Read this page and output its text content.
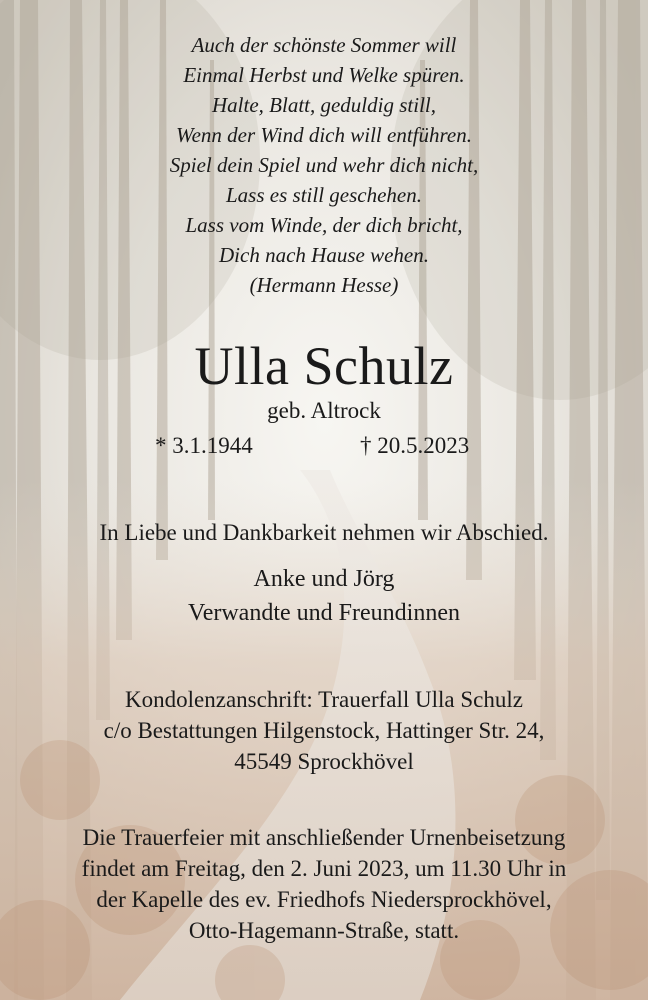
Auch der schönste Sommer will
Einmal Herbst und Welke spüren.
Halte, Blatt, geduldig still,
Wenn der Wind dich will entführen.
Spiel dein Spiel und wehr dich nicht,
Lass es still geschehen.
Lass vom Winde, der dich bricht,
Dich nach Hause wehen.
(Hermann Hesse)
Ulla Schulz
geb. Altrock
* 3.1.1944	† 20.5.2023
In Liebe und Dankbarkeit nehmen wir Abschied.
Anke und Jörg
Verwandte und Freundinnen
Kondolenzanschrift: Trauerfall Ulla Schulz
c/o Bestattungen Hilgenstock, Hattinger Str. 24,
45549 Sprockhövel
Die Trauerfeier mit anschließender Urnenbeisetzung
findet am Freitag, den 2. Juni 2023, um 11.30 Uhr in
der Kapelle des ev. Friedhofs Niedersprockhövel,
Otto-Hagemann-Straße, statt.
